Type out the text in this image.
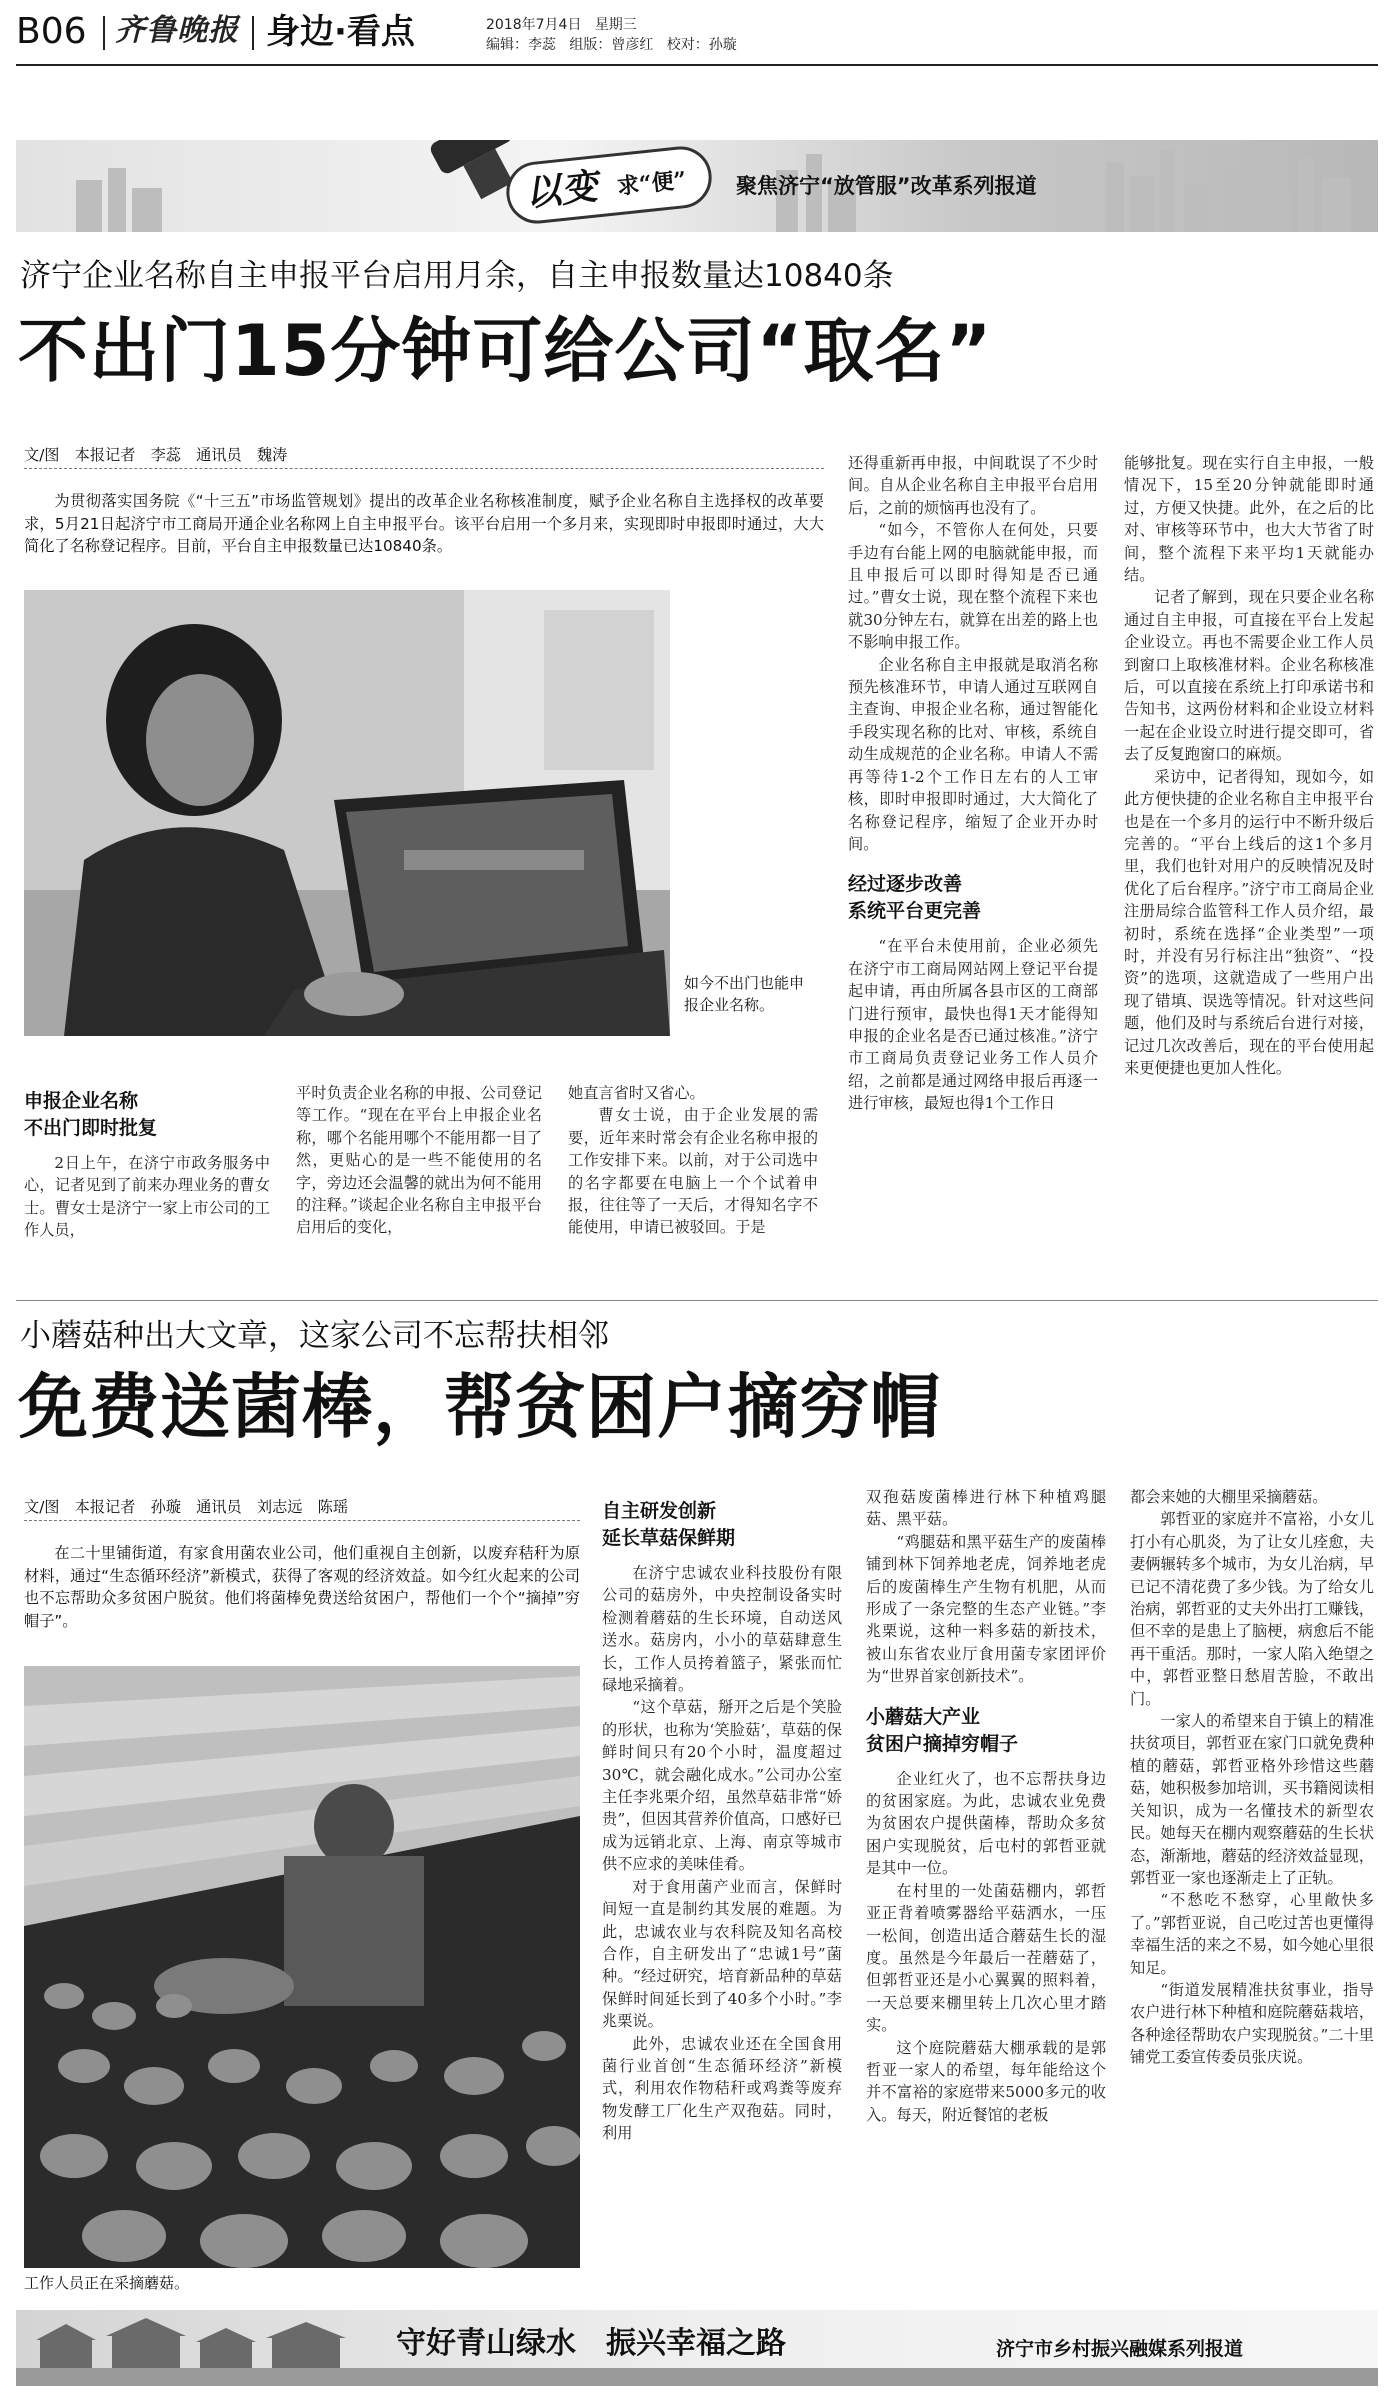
B06 齐鲁晚报 身边·看点	2018年7月4日 星期三
编辑：李蕊 组版：曾彦红 校对：孙璇
以变 求“便” 聚焦济宁“放管服”改革系列报道
济宁企业名称自主申报平台启用月余，自主申报数量达10840条
不出门15分钟可给公司“取名”
文/图　本报记者　李蕊　通讯员　魏涛
为贯彻落实国务院《“十三五”市场监管规划》提出的改革企业名称核准制度，赋予企业名称自主选择权的改革要求，5月21日起济宁市工商局开通企业名称网上自主申报平台。该平台启用一个多月来，实现即时申报即时通过，大大简化了名称登记程序。目前，平台自主申报数量已达10840条。
如今不出门也能申报企业名称。
申报企业名称
不出门即时批复

2日上午，在济宁市政务服务中心，记者见到了前来办理业务的曹女士。曹女士是济宁一家上市公司的工作人员，

平时负责企业名称的申报、公司登记等工作。“现在在平台上申报企业名称，哪个名能用哪个不能用都一目了然，更贴心的是一些不能使用的名字，旁边还会温馨的就出为何不能用的注释。”谈起企业名称自主申报平台启用后的变化，

她直言省时又省心。

曹女士说，由于企业发展的需要，近年来时常会有企业名称申报的工作安排下来。以前，对于公司选中的名字都要在电脑上一个个试着申报，往往等了一天后，才得知名字不能使用，申请已被驳回。于是

还得重新再申报，中间耽误了不少时间。自从企业名称自主申报平台启用后，之前的烦恼再也没有了。

“如今，不管你人在何处，只要手边有台能上网的电脑就能申报，而且申报后可以即时得知是否已通过。”曹女士说，现在整个流程下来也就30分钟左右，就算在出差的路上也不影响申报工作。

企业名称自主申报就是取消名称预先核准环节，申请人通过互联网自主查询、申报企业名称，通过智能化手段实现名称的比对、审核，系统自动生成规范的企业名称。申请人不需再等待1-2个工作日左右的人工审核，即时申报即时通过，大大简化了名称登记程序，缩短了企业开办时间。

经过逐步改善
系统平台更完善

“在平台未使用前，企业必须先在济宁市工商局网站网上登记平台提起申请，再由所属各县市区的工商部门进行预审，最快也得1天才能得知申报的企业名是否已通过核准。”济宁市工商局负责登记业务工作人员介绍，之前都是通过网络申报后再逐一进行审核，最短也得1个工作日

能够批复。现在实行自主申报，一般情况下，15至20分钟就能即时通过，方便又快捷。此外，在之后的比对、审核等环节中，也大大节省了时间，整个流程下来平均1天就能办结。

记者了解到，现在只要企业名称通过自主申报，可直接在平台上发起企业设立。再也不需要企业工作人员到窗口上取核准材料。企业名称核准后，可以直接在系统上打印承诺书和告知书，这两份材料和企业设立材料一起在企业设立时进行提交即可，省去了反复跑窗口的麻烦。

采访中，记者得知，现如今，如此方便快捷的企业名称自主申报平台也是在一个多月的运行中不断升级后完善的。“平台上线后的这1个多月里，我们也针对用户的反映情况及时优化了后台程序。”济宁市工商局企业注册局综合监管科工作人员介绍，最初时，系统在选择“企业类型”一项时，并没有另行标注出“独资”、“投资”的选项，这就造成了一些用户出现了错填、误选等情况。针对这些问题，他们及时与系统后台进行对接，记过几次改善后，现在的平台使用起来更便捷也更加人性化。

小蘑菇种出大文章，这家公司不忘帮扶相邻
免费送菌棒，帮贫困户摘穷帽
文/图　本报记者　孙璇　通讯员　刘志远　陈瑶
在二十里铺街道，有家食用菌农业公司，他们重视自主创新，以废弃秸秆为原材料，通过“生态循环经济”新模式，获得了客观的经济效益。如今红火起来的公司也不忘帮助众多贫困户脱贫。他们将菌棒免费送给贫困户，帮他们一个个“摘掉”穷帽子”。
工作人员正在采摘蘑菇。
自主研发创新
延长草菇保鲜期

在济宁忠诚农业科技股份有限公司的菇房外，中央控制设备实时检测着蘑菇的生长环境，自动送风送水。菇房内，小小的草菇肆意生长，工作人员挎着篮子，紧张而忙碌地采摘着。

“这个草菇，掰开之后是个笑脸的形状，也称为‘笑脸菇’，草菇的保鲜时间只有20个小时，温度超过30℃，就会融化成水。”公司办公室主任李兆栗介绍，虽然草菇非常“娇贵”，但因其营养价值高，口感好已成为远销北京、上海、南京等城市供不应求的美味佳肴。

对于食用菌产业而言，保鲜时间短一直是制约其发展的难题。为此，忠诚农业与农科院及知名高校合作，自主研发出了“忠诚1号”菌种。“经过研究，培育新品种的草菇保鲜时间延长到了40多个小时。”李兆栗说。

此外，忠诚农业还在全国食用菌行业首创“生态循环经济”新模式，利用农作物秸秆或鸡粪等废弃物发酵工厂化生产双孢菇。同时，利用

双孢菇废菌棒进行林下种植鸡腿菇、黑平菇。

“鸡腿菇和黑平菇生产的废菌棒铺到林下饲养地老虎，饲养地老虎后的废菌棒生产生物有机肥，从而形成了一条完整的生态产业链。”李兆栗说，这种一料多菇的新技术，被山东省农业厅食用菌专家团评价为“世界首家创新技术”。

小蘑菇大产业
贫困户摘掉穷帽子

企业红火了，也不忘帮扶身边的贫困家庭。为此，忠诚农业免费为贫困农户提供菌棒，帮助众多贫困户实现脱贫，后屯村的郭哲亚就是其中一位。

在村里的一处菌菇棚内，郭哲亚正背着喷雾器给平菇洒水，一压一松间，创造出适合蘑菇生长的湿度。虽然是今年最后一茬蘑菇了，但郭哲亚还是小心翼翼的照料着，一天总要来棚里转上几次心里才踏实。

这个庭院蘑菇大棚承载的是郭哲亚一家人的希望，每年能给这个并不富裕的家庭带来5000多元的收入。每天，附近餐馆的老板

都会来她的大棚里采摘蘑菇。

郭哲亚的家庭并不富裕，小女儿打小有心肌炎，为了让女儿痊愈，夫妻俩辗转多个城市，为女儿治病，早已记不清花费了多少钱。为了给女儿治病，郭哲亚的丈夫外出打工赚钱，但不幸的是患上了脑梗，病愈后不能再干重活。那时，一家人陷入绝望之中，郭哲亚整日愁眉苦脸，不敢出门。

一家人的希望来自于镇上的精准扶贫项目，郭哲亚在家门口就免费种植的蘑菇，郭哲亚格外珍惜这些蘑菇，她积极参加培训，买书籍阅读相关知识，成为一名懂技术的新型农民。她每天在棚内观察蘑菇的生长状态，渐渐地，蘑菇的经济效益显现，郭哲亚一家也逐渐走上了正轨。

“不愁吃不愁穿，心里敞快多了。”郭哲亚说，自己吃过苦也更懂得幸福生活的来之不易，如今她心里很知足。

“街道发展精准扶贫事业，指导农户进行林下种植和庭院蘑菇栽培，各种途径帮助农户实现脱贫。”二十里铺党工委宣传委员张庆说。

守好青山绿水　振兴幸福之路	济宁市乡村振兴融媒系列报道
